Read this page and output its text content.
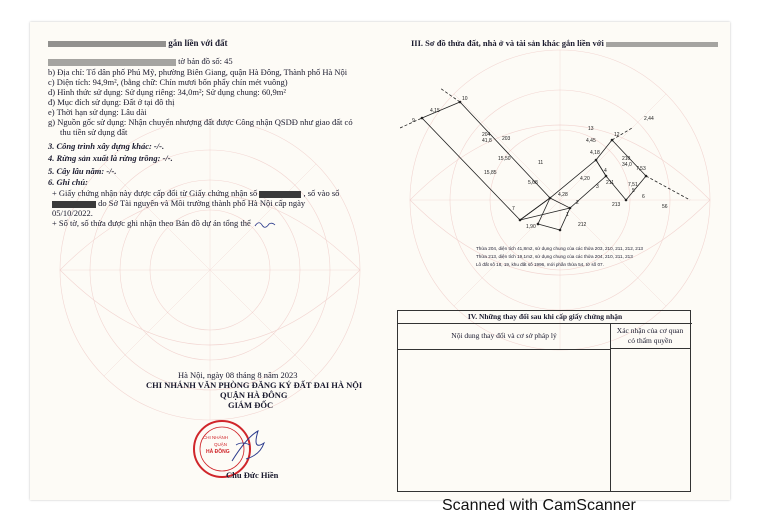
gắn liền với đất
tờ bản đồ số: 45
b) Địa chỉ: Tổ dân phố Phú Mỹ, phường Biên Giang, quận Hà Đông, Thành phố Hà Nội
c) Diện tích: 94,9m², (bằng chữ: Chín mươi bốn phẩy chín mét vuông)
d) Hình thức sử dụng: Sử dụng riêng: 34,0m²; Sử dụng chung: 60,9m²
đ) Mục đích sử dụng: Đất ở tại đô thị
e) Thời hạn sử dụng: Lâu dài
g) Nguồn gốc sử dụng: Nhận chuyển nhượng đất được Công nhận QSDĐ như giao đất có
thu tiền sử dụng đất
3. Công trình xây dựng khác: -/-.
4. Rừng sản xuất là rừng trồng: -/-.
5. Cây lâu năm: -/-.
6. Ghi chú:
+ Giấy chứng nhận này được cấp đổi từ Giấy chứng nhận số	, số vào sổ
do Sở Tài nguyên và Môi trường thành phố Hà Nội cấp ngày
05/10/2022.
+ Số tờ, số thửa được ghi nhận theo Bản đồ dự án tổng thể
Hà Nội, ngày 08 tháng 8 năm 2023
CHI NHÁNH VĂN PHÒNG ĐĂNG KÝ ĐẤT ĐAI HÀ NỘI
QUẬN HÀ ĐÔNG
GIÁM ĐỐC
CHI NHÁNH
QUẬN
HÀ ĐÔNG
Chu Đức Hiền
III. Sơ đồ thửa đất, nhà ở và tài sản khác gắn liền với
10
9
204
41,8
15,50
203
13
12
210
34,0
11
7
211
213
1
2
3
4
5
6
56
212
4,15
2,44
15,85
5,68
1,90
4,28
4,20
7,51
7,53
4,18
4,45
Thửa 204, diện tích 41,8m2, sử dụng chung của các thửa 203, 210, 211, 212, 213
Thửa 213, diện tích 19,1m2, sử dụng chung của các thửa 204, 210, 211, 213
Lô đất số 18, 19, khu đất số 1996, mới phần thửa 54, tờ số 07.
IV. Những thay đổi sau khi cấp giấy chứng nhận
Nội dung thay đổi và cơ sở pháp lý
Xác nhận của cơ quan
có thẩm quyền
Scanned with CamScanner
